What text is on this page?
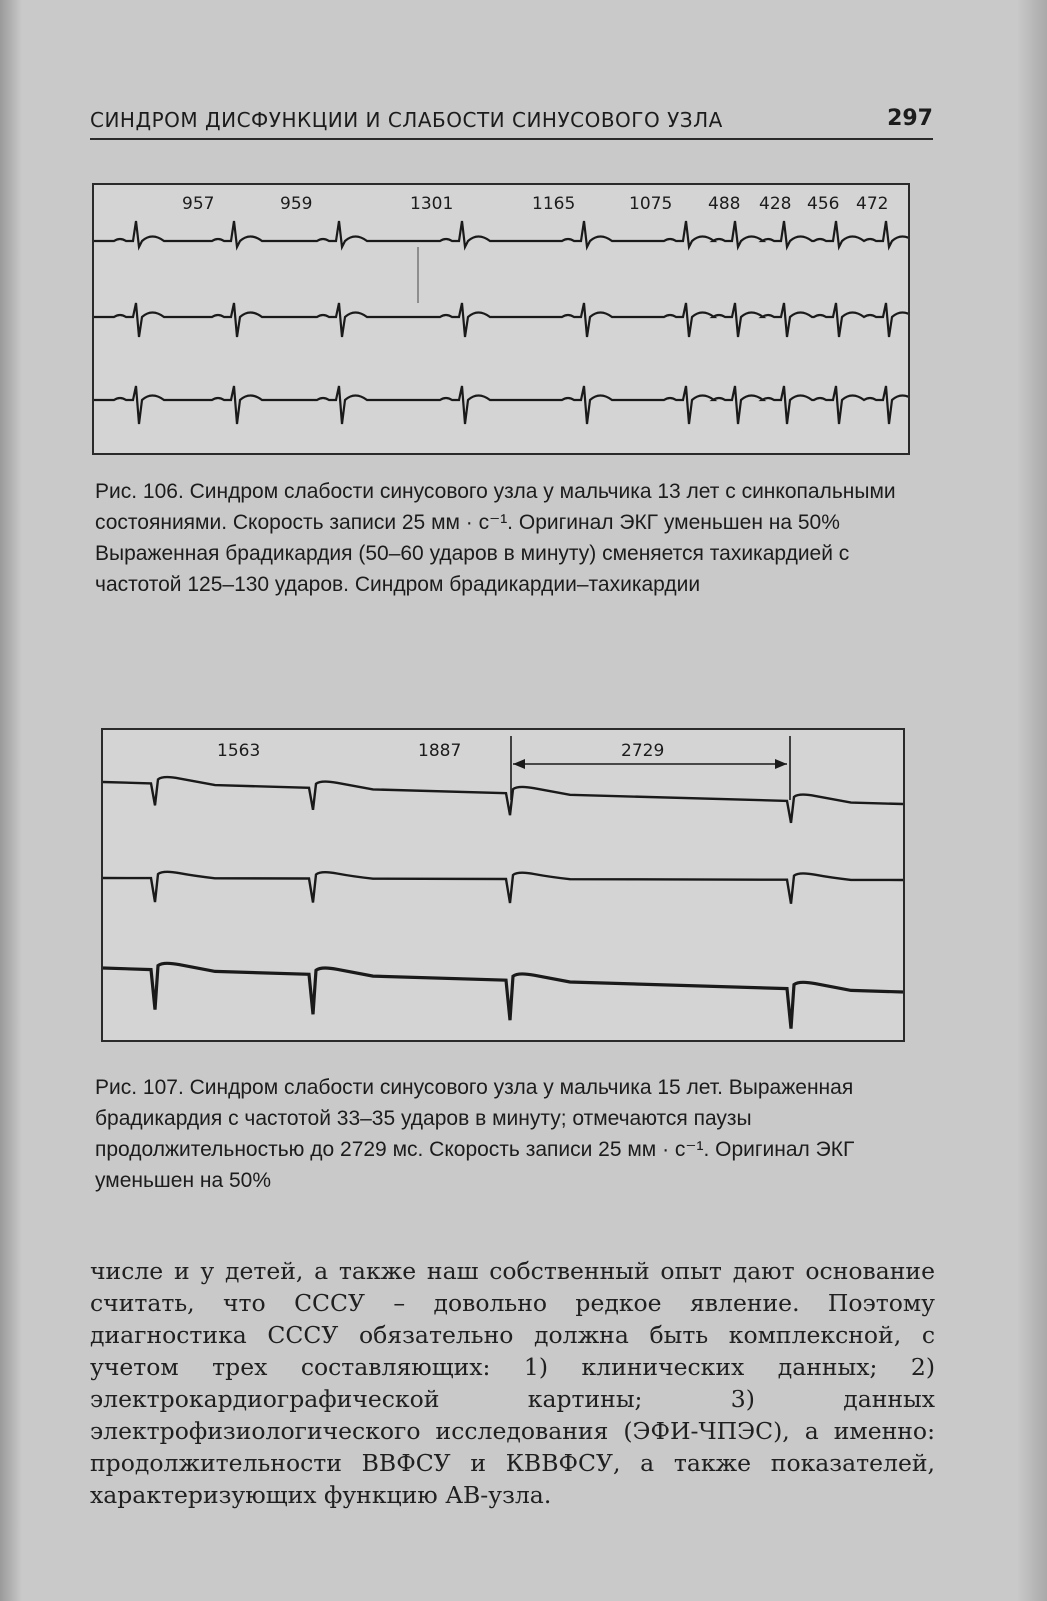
СИНДРОМ ДИСФУНКЦИИ И СЛАБОСТИ СИНУСОВОГО УЗЛА	297
957	959	1301	1165	1075 488 428 456 472

Рис. 106. Синдром слабости синусового узла у мальчика 13 лет с синкопальными состояниями. Скорость записи 25 мм · с⁻¹. Оригинал ЭКГ уменьшен на 50%

Выраженная брадикардия (50–60 ударов в минуту) сменяется тахикардией с частотой 125–130 ударов. Синдром брадикардии–тахикардии

1563	1887	2729

Рис. 107. Синдром слабости синусового узла у мальчика 15 лет. Выраженная брадикардия с частотой 33–35 ударов в минуту; отмечаются паузы продолжительностью до 2729 мс. Скорость записи 25 мм · с⁻¹. Оригинал ЭКГ уменьшен на 50%

числе и у детей, а также наш собственный опыт дают основание считать, что СССУ – довольно редкое явление. Поэтому диагностика СССУ обязательно должна быть комплексной, с учетом трех составляющих: 1) клинических данных; 2) электрокардиографической картины; 3) данных электрофизиологического исследования (ЭФИ-ЧПЭС), а именно: продолжительности ВВФСУ и КВВФСУ, а также показателей, характеризующих функцию АВ-узла.
